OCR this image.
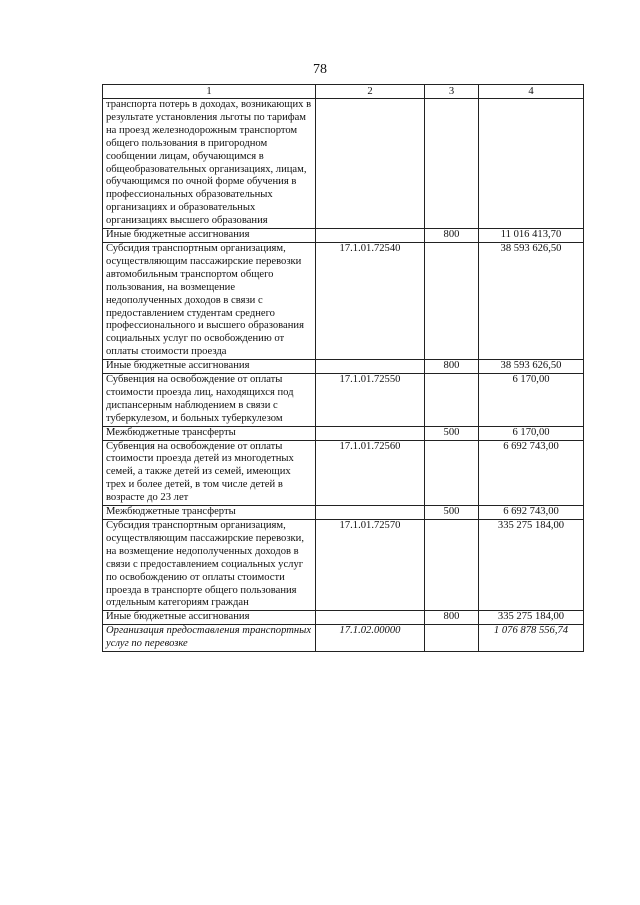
78
1	2	3	4
транспорта потерь в доходах, возникающих в результате установления льготы по тарифам на проезд железнодорожным транспортом общего пользования в пригородном сообщении лицам, обучающимся в общеобразовательных организациях, лицам, обучающимся по очной форме обучения в профессиональных образовательных организациях и образовательных организациях высшего образования			
Иные бюджетные ассигнования		800	11 016 413,70
Субсидия транспортным организациям, осуществляющим пассажирские перевозки автомобильным транспортом общего пользования, на возмещение недополученных доходов в связи с предоставлением студентам среднего профессионального и высшего образования социальных услуг по освобождению от оплаты стоимости проезда	17.1.01.72540		38 593 626,50
Иные бюджетные ассигнования		800	38 593 626,50
Субвенция на освобождение от оплаты стоимости проезда лиц, находящихся под диспансерным наблюдением в связи с туберкулезом, и больных туберкулезом	17.1.01.72550		6 170,00
Межбюджетные трансферты		500	6 170,00
Субвенция на освобождение от оплаты стоимости проезда детей из многодетных семей, а также детей из семей, имеющих трех и более детей, в том числе детей в возрасте до 23 лет	17.1.01.72560		6 692 743,00
Межбюджетные трансферты		500	6 692 743,00
Субсидия транспортным организациям, осуществляющим пассажирские перевозки, на возмещение недополученных доходов в связи с предоставлением социальных услуг по освобождению от оплаты стоимости проезда в транспорте общего пользования отдельным категориям граждан	17.1.01.72570		335 275 184,00
Иные бюджетные ассигнования		800	335 275 184,00
Организация предоставления транспортных услуг по перевозке	17.1.02.00000		1 076 878 556,74
